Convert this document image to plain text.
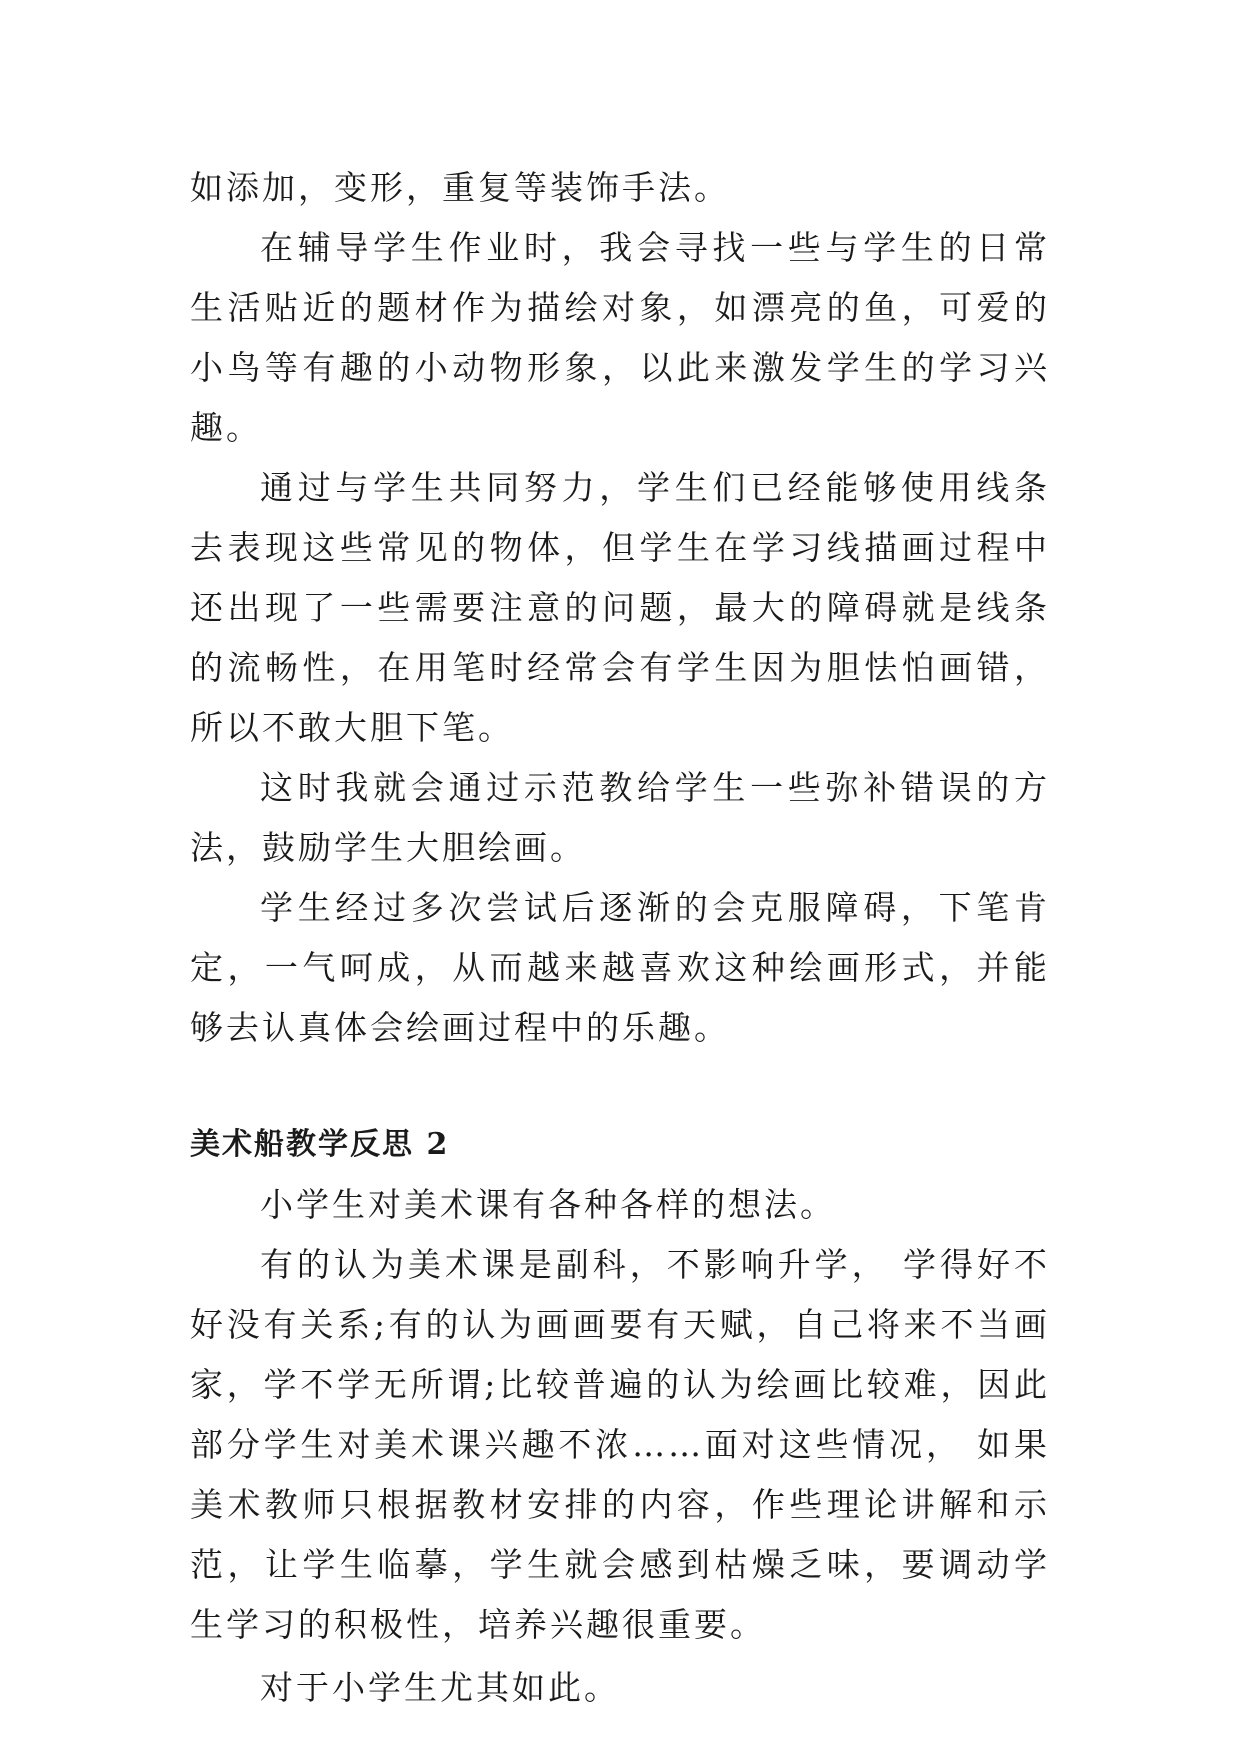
如添加，变形，重复等装饰手法。

在辅导学生作业时，我会寻找一些与学生的日常生活贴近的题材作为描绘对象，如漂亮的鱼，可爱的小鸟等有趣的小动物形象，以此来激发学生的学习兴趣。

通过与学生共同努力，学生们已经能够使用线条去表现这些常见的物体，但学生在学习线描画过程中还出现了一些需要注意的问题，最大的障碍就是线条的流畅性，在用笔时经常会有学生因为胆怯怕画错，所以不敢大胆下笔。

这时我就会通过示范教给学生一些弥补错误的方法，鼓励学生大胆绘画。

学生经过多次尝试后逐渐的会克服障碍，下笔肯定，一气呵成，从而越来越喜欢这种绘画形式，并能够去认真体会绘画过程中的乐趣。

美术船教学反思 2

小学生对美术课有各种各样的想法。

有的认为美术课是副科，不影响升学， 学得好不好没有关系;有的认为画画要有天赋，自己将来不当画家，学不学无所谓;比较普遍的认为绘画比较难，因此部分学生对美术课兴趣不浓……面对这些情况， 如果美术教师只根据教材安排的内容，作些理论讲解和示范，让学生临摹，学生就会感到枯燥乏味，要调动学生学习的积极性，培养兴趣很重要。

对于小学生尤其如此。
